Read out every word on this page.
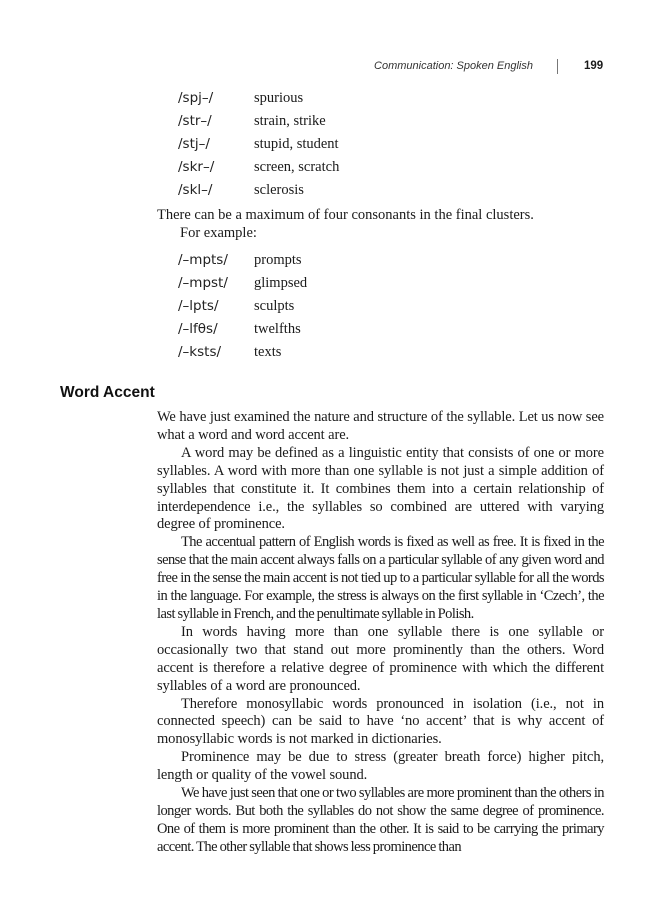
Communication: Spoken English	199
/spj–/	spurious
/str–/	strain, strike
/stj–/	stupid, student
/skr–/	screen, scratch
/skl–/	sclerosis

There can be a maximum of four consonants in the final clusters.

For example:

/–mpts/ prompts
/–mpst/ glimpsed
/–lpts/ sculpts
/–lfθs/	twelfths
/–ksts/ texts
Word Accent

We have just examined the nature and structure of the syllable. Let us now see what a word and word accent are.

A word may be defined as a linguistic entity that consists of one or more syllables. A word with more than one syllable is not just a simple addition of syllables that constitute it. It combines them into a certain relationship of interdependence i.e., the syllables so combined are uttered with varying degree of prominence.

The accentual pattern of English words is fixed as well as free. It is fixed in the sense that the main accent always falls on a particular syllable of any given word and free in the sense the main accent is not tied up to a particular syllable for all the words in the language. For example, the stress is always on the first syllable in ‘Czech’, the last syllable in French, and the penultimate syllable in Polish.

In words having more than one syllable there is one syllable or occasionally two that stand out more prominently than the others. Word accent is therefore a relative degree of prominence with which the different syllables of a word are pronounced.

Therefore monosyllabic words pronounced in isolation (i.e., not in connected speech) can be said to have ‘no accent’ that is why accent of monosyllabic words is not marked in dictionaries.

Prominence may be due to stress (greater breath force) higher pitch, length or quality of the vowel sound.

We have just seen that one or two syllables are more prominent than the others in longer words. But both the syllables do not show the same degree of prominence. One of them is more prominent than the other. It is said to be carrying the primary accent. The other syllable that shows less prominence than
